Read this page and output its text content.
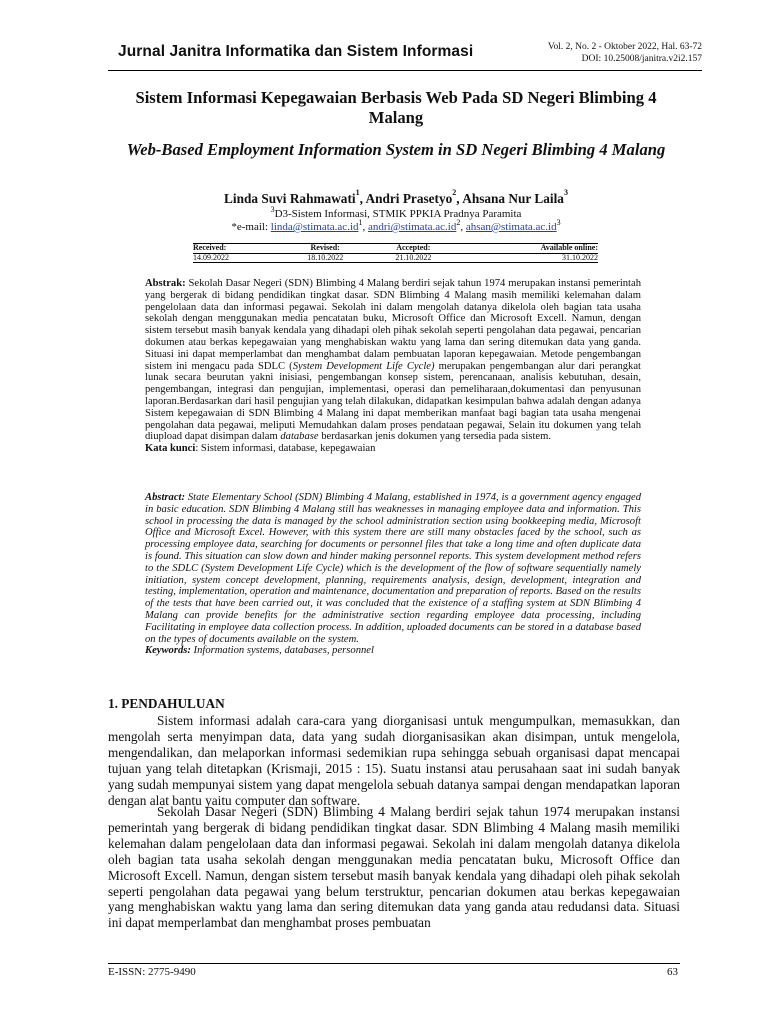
Jurnal Janitra Informatika dan Sistem Informasi	Vol. 2, No. 2 - Oktober 2022, Hal. 63-72
DOI: 10.25008/janitra.v2i2.157
Sistem Informasi Kepegawaian Berbasis Web Pada SD Negeri Blimbing 4 Malang
Web-Based Employment Information System in SD Negeri Blimbing 4 Malang
Linda Suvi Rahmawati$^1$, Andri Prasetyo$^2$, Ahsana Nur Laila$^3$
$^3$D3-Sistem Informasi, STMIK PPKIA Pradnya Paramita
*e-mail: $linda@stimata.ac.id^1$, $andri@stimata.ac.id^2$, $ahsan@stimata.ac.id^3$
Received:	Revised:	Accepted:	Available online:
14.09.2022	18.10.2022	21.10.2022	31.10.2022
Abstrak: Sekolah Dasar Negeri (SDN) Blimbing 4 Malang berdiri sejak tahun 1974 merupakan instansi pemerintah yang bergerak di bidang pendidikan tingkat dasar. SDN Blimbing 4 Malang masih memiliki kelemahan dalam pengelolaan data dan informasi pegawai. Sekolah ini dalam mengolah datanya dikelola oleh bagian tata usaha sekolah dengan menggunakan media pencatatan buku, Microsoft Office dan Microsoft Excell. Namun, dengan sistem tersebut masih banyak kendala yang dihadapi oleh pihak sekolah seperti pengolahan data pegawai, pencarian dokumen atau berkas kepegawaian yang menghabiskan waktu yang lama dan sering ditemukan data yang ganda. Situasi ini dapat memperlambat dan menghambat dalam pembuatan laporan kepegawaian. Metode pengembangan sistem ini mengacu pada SDLC (System Development Life Cycle) merupakan pengembangan alur dari perangkat lunak secara beurutan yakni inisiasi, pengembangan konsep sistem, perencanaan, analisis kebutuhan, desain, pengembangan, integrasi dan pengujian, implementasi, operasi dan pemeliharaan,dokumentasi dan penyusunan laporan.Berdasarkan dari hasil pengujian yang telah dilakukan, didapatkan kesimpulan bahwa adalah dengan adanya Sistem kepegawaian di SDN Blimbing 4 Malang ini dapat memberikan manfaat bagi bagian tata usaha mengenai pengolahan data pegawai, meliputi Memudahkan dalam proses pendataan pegawai, Selain itu dokumen yang telah diupload dapat disimpan dalam database berdasarkan jenis dokumen yang tersedia pada sistem.
Kata kunci: Sistem informasi, database, kepegawaian
Abstract: State Elementary School (SDN) Blimbing 4 Malang, established in 1974, is a government agency engaged in basic education. SDN Blimbing 4 Malang still has weaknesses in managing employee data and information. This school in processing the data is managed by the school administration section using bookkeeping media, Microsoft Office and Microsoft Excel. However, with this system there are still many obstacles faced by the school, such as processing employee data, searching for documents or personnel files that take a long time and often duplicate data is found. This situation can slow down and hinder making personnel reports. This system development method refers to the SDLC (System Development Life Cycle) which is the development of the flow of software sequentially namely initiation, system concept development, planning, requirements analysis, design, development, integration and testing, implementation, operation and maintenance, documentation and preparation of reports. Based on the results of the tests that have been carried out, it was concluded that the existence of a staffing system at SDN Blimbing 4 Malang can provide benefits for the administrative section regarding employee data processing, including Facilitating in employee data collection process. In addition, uploaded documents can be stored in a database based on the types of documents available on the system.
Keywords: Information systems, databases, personnel
1. PENDAHULUAN

Sistem informasi adalah cara-cara yang diorganisasi untuk mengumpulkan, memasukkan, dan mengolah serta menyimpan data, data yang sudah diorganisasikan akan disimpan, untuk mengelola, mengendalikan, dan melaporkan informasi sedemikian rupa sehingga sebuah organisasi dapat mencapai tujuan yang telah ditetapkan (Krismaji, 2015 : 15). Suatu instansi atau perusahaan saat ini sudah banyak yang sudah mempunyai sistem yang dapat mengelola sebuah datanya sampai dengan mendapatkan laporan dengan alat bantu yaitu computer dan software.

Sekolah Dasar Negeri (SDN) Blimbing 4 Malang berdiri sejak tahun 1974 merupakan instansi pemerintah yang bergerak di bidang pendidikan tingkat dasar. SDN Blimbing 4 Malang masih memiliki kelemahan dalam pengelolaan data dan informasi pegawai. Sekolah ini dalam mengolah datanya dikelola oleh bagian tata usaha sekolah dengan menggunakan media pencatatan buku, Microsoft Office dan Microsoft Excell. Namun, dengan sistem tersebut masih banyak kendala yang dihadapi oleh pihak sekolah seperti pengolahan data pegawai yang belum terstruktur, pencarian dokumen atau berkas kepegawaian yang menghabiskan waktu yang lama dan sering ditemukan data yang ganda atau redudansi data. Situasi ini dapat memperlambat dan menghambat proses pembuatan

E-ISSN: 2775-9490	63
